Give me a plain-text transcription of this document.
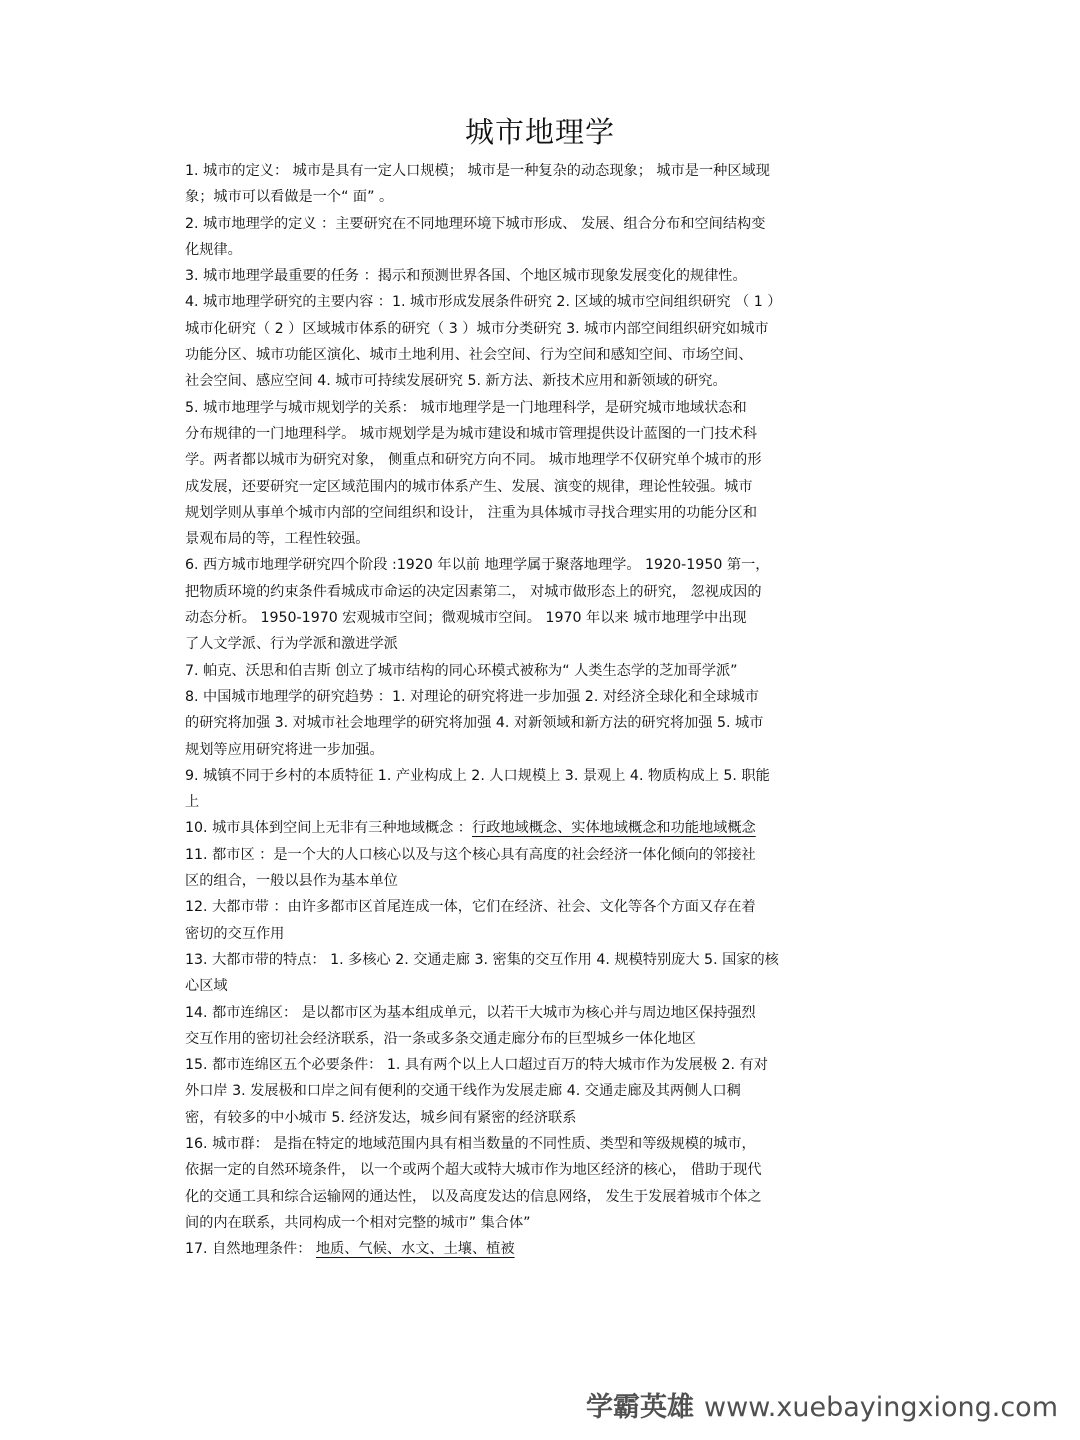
城市地理学
1. 城市的定义： 城市是具有一定人口规模； 城市是一种复杂的动态现象； 城市是一种区域现
象；城市可以看做是一个“ 面” 。
2. 城市地理学的定义 ：主要研究在不同地理环境下城市形成、 发展、组合分布和空间结构变
化规律。
3. 城市地理学最重要的任务 ：揭示和预测世界各国、个地区城市现象发展变化的规律性。
4. 城市地理学研究的主要内容 ：1. 城市形成发展条件研究 2. 区域的城市空间组织研究 （ 1 ）
城市化研究（ 2 ）区域城市体系的研究（ 3 ）城市分类研究 3. 城市内部空间组织研究如城市
功能分区、城市功能区演化、城市土地利用、社会空间、行为空间和感知空间、市场空间、
社会空间、感应空间 4. 城市可持续发展研究 5. 新方法、新技术应用和新领域的研究。
5. 城市地理学与城市规划学的关系： 城市地理学是一门地理科学，是研究城市地域状态和
分布规律的一门地理科学。 城市规划学是为城市建设和城市管理提供设计蓝图的一门技术科
学。两者都以城市为研究对象， 侧重点和研究方向不同。 城市地理学不仅研究单个城市的形
成发展，还要研究一定区域范围内的城市体系产生、发展、演变的规律，理论性较强。城市
规划学则从事单个城市内部的空间组织和设计， 注重为具体城市寻找合理实用的功能分区和
景观布局的等，工程性较强。
6. 西方城市地理学研究四个阶段 :1920 年以前 地理学属于聚落地理学。 1920-1950 第一，
把物质环境的约束条件看城成市命运的决定因素第二， 对城市做形态上的研究， 忽视成因的
动态分析。 1950-1970 宏观城市空间；微观城市空间。 1970 年以来 城市地理学中出现
了人文学派、行为学派和激进学派
7. 帕克、沃思和伯吉斯 创立了城市结构的同心环模式被称为“ 人类生态学的芝加哥学派”
8. 中国城市地理学的研究趋势 ：1. 对理论的研究将进一步加强 2. 对经济全球化和全球城市
的研究将加强 3. 对城市社会地理学的研究将加强 4. 对新领域和新方法的研究将加强 5. 城市
规划等应用研究将进一步加强。
9. 城镇不同于乡村的本质特征 1. 产业构成上 2. 人口规模上 3. 景观上 4. 物质构成上 5. 职能
上
10. 城市具体到空间上无非有三种地域概念 ：行政地域概念、实体地域概念和功能地域概念
11. 都市区 ：是一个大的人口核心以及与这个核心具有高度的社会经济一体化倾向的邻接社
区的组合，一般以县作为基本单位
12. 大都市带 ：由许多都市区首尾连成一体，它们在经济、社会、文化等各个方面又存在着
密切的交互作用
13. 大都市带的特点： 1. 多核心 2. 交通走廊 3. 密集的交互作用 4. 规模特别庞大 5. 国家的核
心区域
14. 都市连绵区： 是以都市区为基本组成单元，以若干大城市为核心并与周边地区保持强烈
交互作用的密切社会经济联系，沿一条或多条交通走廊分布的巨型城乡一体化地区
15. 都市连绵区五个必要条件： 1. 具有两个以上人口超过百万的特大城市作为发展极 2. 有对
外口岸 3. 发展极和口岸之间有便利的交通干线作为发展走廊 4. 交通走廊及其两侧人口稠
密，有较多的中小城市 5. 经济发达，城乡间有紧密的经济联系
16. 城市群： 是指在特定的地域范围内具有相当数量的不同性质、类型和等级规模的城市，
依据一定的自然环境条件， 以一个或两个超大或特大城市作为地区经济的核心， 借助于现代
化的交通工具和综合运输网的通达性， 以及高度发达的信息网络， 发生于发展着城市个体之
间的内在联系，共同构成一个相对完整的城市” 集合体”
17. 自然地理条件： 地质、气候、水文、土壤、植被
学霸英雄 www.xuebayingxiong.com
